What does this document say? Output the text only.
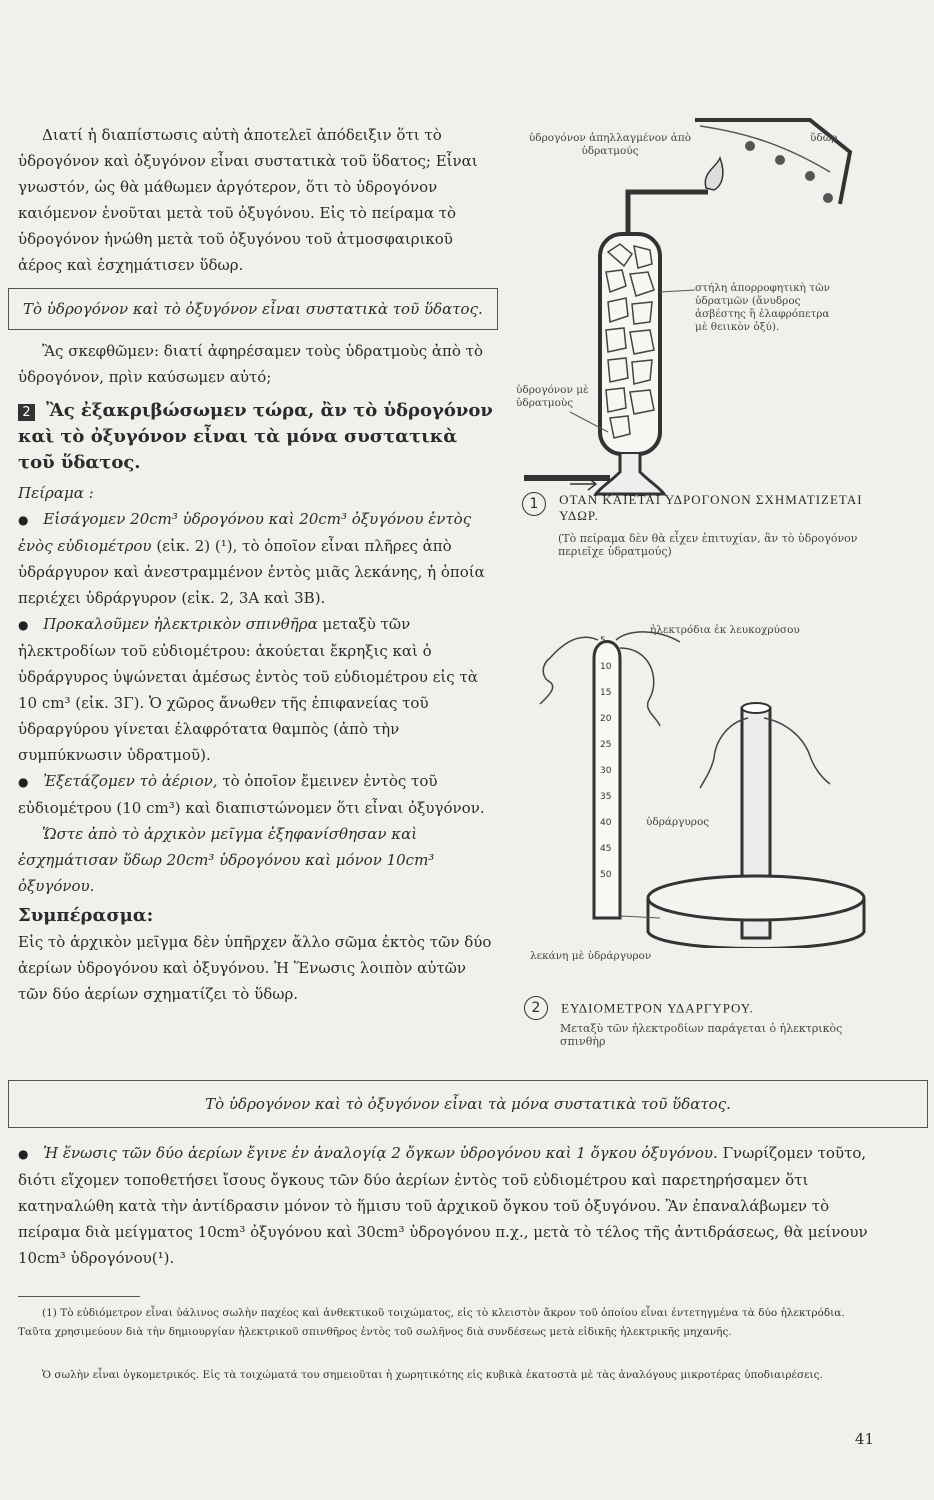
Διατί ἡ διαπίστωσις αὐτὴ ἀποτελεῖ ἀπόδειξιν ὅτι τὸ ὑδρογόνον καὶ ὀξυγόνον εἶναι συστατικὰ τοῦ ὕδατος; Εἶναι γνωστόν, ὡς θὰ μάθωμεν ἀργότερον, ὅτι τὸ ὑδρογόνον καιόμενον ἑνοῦται μετὰ τοῦ ὀξυγόνου. Εἰς τὸ πείραμα τὸ ὑδρογόνον ἡνώθη μετὰ τοῦ ὀξυγόνου τοῦ ἀτμοσφαιρικοῦ ἀέρος καὶ ἐσχημάτισεν ὕδωρ.

Τὸ ὑδρογόνον καὶ τὸ ὀξυγόνον εἶναι συστατικὰ τοῦ ὕδατος.

Ἂς σκεφθῶμεν: διατί ἀφηρέσαμεν τοὺς ὑδρατμοὺς ἀπὸ τὸ ὑδρογόνον, πρὶν καύσωμεν αὐτό;

2 Ἂς ἐξακριβώσωμεν τώρα, ἂν τὸ ὑδρογόνον καὶ τὸ ὀξυγόνον εἶναι τὰ μόνα συστατικὰ τοῦ ὕδατος.

Πείραμα :

● Εἰσάγομεν 20cm³ ὑδρογόνου καὶ 20cm³ ὀξυγόνου ἐντὸς ἑνὸς εὐδιομέτρου (εἰκ. 2) (¹), τὸ ὁποῖον εἶναι πλῆρες ἀπὸ ὑδράργυρον καὶ ἀνεστραμμένον ἐντὸς μιᾶς λεκάνης, ἡ ὁποία περιέχει ὑδράργυρον (εἰκ. 2, 3Α καὶ 3Β).

● Προκαλοῦμεν ἠλεκτρικὸν σπινθῆρα μεταξὺ τῶν ἠλεκτροδίων τοῦ εὐδιομέτρου: ἀκούεται ἔκρηξις καὶ ὁ ὑδράργυρος ὑψώνεται ἀμέσως ἐντὸς τοῦ εὐδιομέτρου εἰς τὰ 10 cm³ (εἰκ. 3Γ). Ὁ χῶρος ἄνωθεν τῆς ἐπιφανείας τοῦ ὑδραργύρου γίνεται ἐλαφρότατα θαμπὸς (ἀπὸ τὴν συμπύκνωσιν ὑδρατμοῦ).

● Ἐξετάζομεν τὸ ἀέριον, τὸ ὁποῖον ἔμεινεν ἐντὸς τοῦ εὐδιομέτρου (10 cm³) καὶ διαπιστώνομεν ὅτι εἶναι ὀξυγόνον.

Ὥστε ἀπὸ τὸ ἀρχικὸν μεῖγμα ἐξηφανίσθησαν καὶ ἐσχημάτισαν ὕδωρ 20cm³ ὑδρογόνου καὶ μόνον 10cm³ ὀξυγόνου.

Συμπέρασμα:
Εἰς τὸ ἀρχικὸν μεῖγμα δὲν ὑπῆρχεν ἄλλο σῶμα ἐκτὸς τῶν δύο ἀερίων ὑδρογόνου καὶ ὀξυγόνου. Ἡ Ἕνωσις λοιπὸν αὐτῶν τῶν δύο ἀερίων σχηματίζει τὸ ὕδωρ.

ὑδρογόνον ἀπηλλαγμένον ἀπὸ ὑδρατμούς
ὕδωρ
στήλη ἀπορροφητικὴ τῶν ὑδρατμῶν (ἄνυδρος ἀσβέστης ἢ ἐλαφρόπετρα μὲ θειικὸν ὀξύ).
ὑδρογόνον μὲ ὑδρατμοὺς
1 ΟΤΑΝ ΚΑΙΕΤΑΙ ΥΔΡΟΓΟΝΟΝ ΣΧΗΜΑΤΙΖΕΤΑΙ ΥΔΩΡ.
(Τὸ πείραμα δὲν θὰ εἶχεν ἐπιτυχίαν, ἂν τὸ ὑδρογόνον περιεῖχε ὑδρατμούς)
5
10
15
20
25
30
35
40
45
50
ἠλεκτρόδια ἐκ λευκοχρύσου
ὑδράργυρος
λεκάνη μὲ ὑδράργυρον
2 ΕΥΔΙΟΜΕΤΡΟΝ ΥΔΑΡΓΥΡΟΥ.
Μεταξὺ τῶν ἠλεκτροδίων παράγεται ὁ ἠλεκτρικὸς σπινθὴρ
Τὸ ὑδρογόνον καὶ τὸ ὀξυγόνον εἶναι τὰ μόνα συστατικὰ τοῦ ὕδατος.

● Ἡ ἕνωσις τῶν δύο ἀερίων ἔγινε ἐν ἀναλογίᾳ 2 ὄγκων ὑδρογόνου καὶ 1 ὄγκου ὀξυγόνου. Γνωρίζομεν τοῦτο, διότι εἴχομεν τοποθετήσει ἴσους ὄγκους τῶν δύο ἀερίων ἐντὸς τοῦ εὐδιομέτρου καὶ παρετηρήσαμεν ὅτι κατηναλώθη κατὰ τὴν ἀντίδρασιν μόνον τὸ ἥμισυ τοῦ ἀρχικοῦ ὄγκου τοῦ ὀξυγόνου. Ἂν ἐπαναλάβωμεν τὸ πείραμα διὰ μείγματος 10cm³ ὀξυγόνου καὶ 30cm³ ὑδρογόνου π.χ., μετὰ τὸ τέλος τῆς ἀντιδράσεως, θὰ μείνουν 10cm³ ὑδρογόνου(¹).

(1) Τὸ εὐδιόμετρον εἶναι ὑάλινος σωλὴν παχέος καὶ ἀνθεκτικοῦ τοιχώματος, εἰς τὸ κλειστὸν ἄκρον τοῦ ὁποίου εἶναι ἐντετηγμένα τὰ δύο ἠλεκτρόδια. Ταῦτα χρησιμεύουν διὰ τὴν δημιουργίαν ἠλεκτρικοῦ σπινθῆρος ἐντὸς τοῦ σωλῆνος διὰ συνδέσεως μετὰ εἰδικῆς ἠλεκτρικῆς μηχανῆς.
Ὁ σωλὴν εἶναι ὀγκομετρικός. Εἰς τὰ τοιχώματά του σημειοῦται ἡ χωρητικότης εἰς κυβικὰ ἑκατοστὰ μὲ τὰς ἀναλόγους μικροτέρας ὑποδιαιρέσεις.
41
